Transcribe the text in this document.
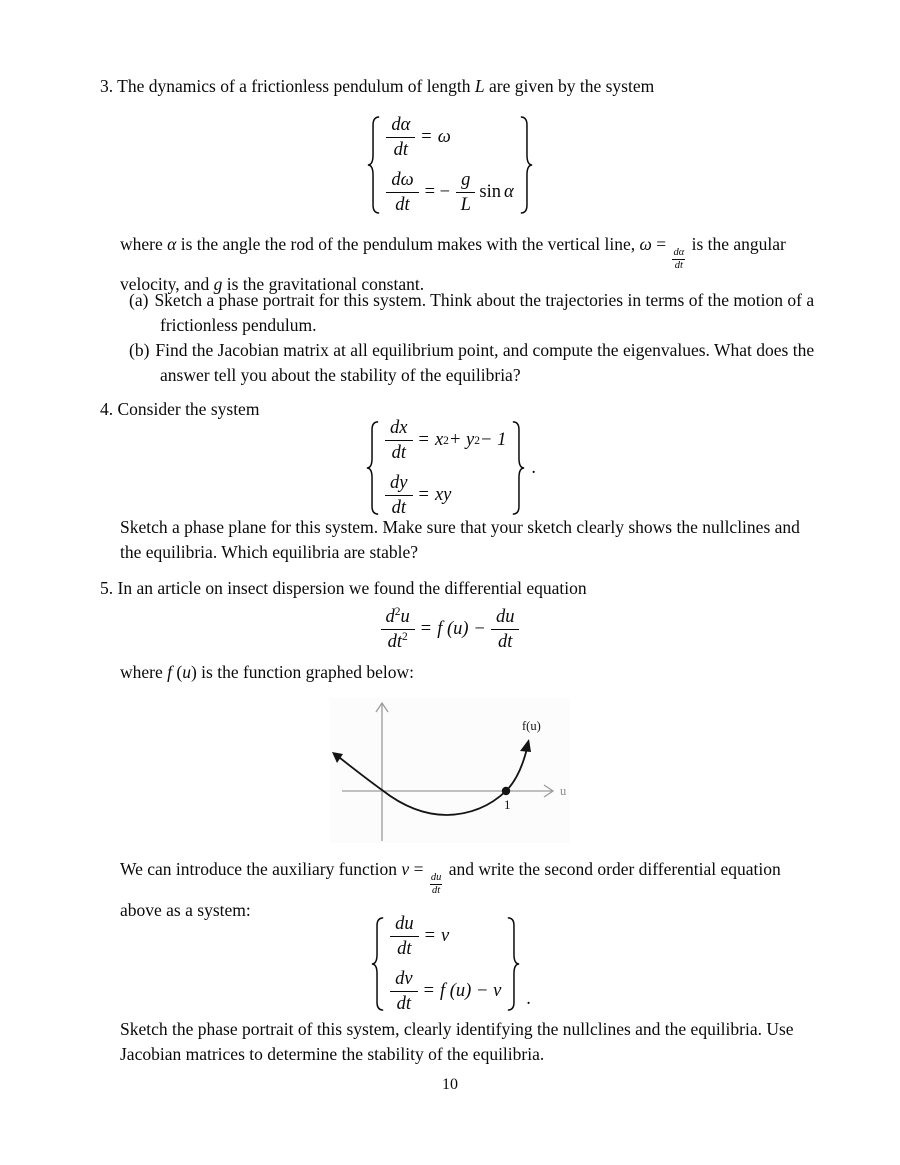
3. The dynamics of a frictionless pendulum of length L are given by the system
$\frac{d\alpha}{dt} = \omega$
$\frac{d\omega}{dt}$ = − $\frac{g}{L}$ sin α
where α is the angle the rod of the pendulum makes with the vertical line, ω =
$\frac{d\alpha}{dt}$
is the angular
velocity, and g is the gravitational constant.
(a) Sketch a phase portrait for this system. Think about the trajectories in terms of the motion of a
frictionless pendulum.
(b) Find the Jacobian matrix at all equilibrium point, and compute the eigenvalues. What does the
answer tell you about the stability of the equilibria?
4. Consider the system
$\frac{dx}{dt} = x$ 2 + y 2 − 1
$\frac{dy}{dt}$ = xy
.
Sketch a phase plane for this system. Make sure that your sketch clearly shows the nullclines and
the equilibria. Which equilibria are stable?
5. In an article on insect dispersion we found the differential equation
$\frac{d^2u}{dt^2} = f$ $(u) - \frac{du}{dt}$
where f (u) is the function graphed below:
f(u)
u
1
We can introduce the auxiliary function v =
$\frac{du}{dt}$
and write the second order differential equation
above as a system:
$\frac{du}{dt} = v$
$\frac{dv}{dt} = f$ (u) − v .
Sketch the phase portrait of this system, clearly identifying the nullclines and the equilibria. Use
Jacobian matrices to determine the stability of the equilibria.
10
